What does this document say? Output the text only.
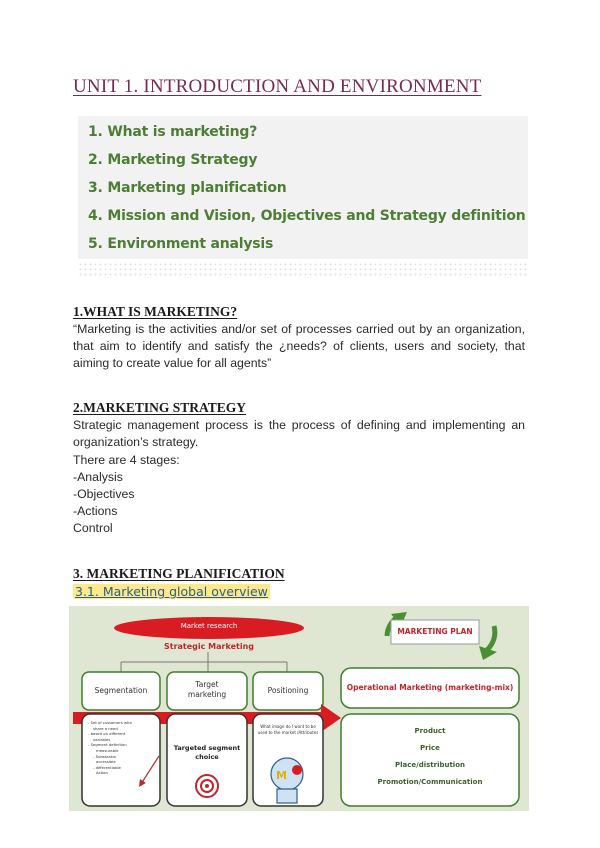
UNIT 1. INTRODUCTION AND ENVIRONMENT
1. What is marketing?
2. Marketing Strategy
3. Marketing planification
4. Mission and Vision, Objectives and Strategy definition
5. Environment analysis
1.WHAT IS MARKETING?
“Marketing is the activities and/or set of processes carried out by an organization, that aim to identify and satisfy the ¿needs? of clients, users and society, that aiming to create value for all agents”
2.MARKETING STRATEGY
Strategic management process is the process of defining and implementing an organization’s strategy.
There are 4 stages:
-Analysis
-Objectives
-Actions
Control
3. MARKETING PLANIFICATION
3.1. Marketing global overview
M
Market research
Strategic Marketing
Segmentation
Target marketing	Positioning
MARKETING PLAN
Operational Marketing (marketing-mix)
- Set of customers who
share a need
- based on different
variables
- Segment definition
measurable
- Substantia
accessible
- differentiable
Action
Targeted segment choice
What image do I want to be used to the market /Attributes	Product
Price
Place/distribution
Promotion/Communication
